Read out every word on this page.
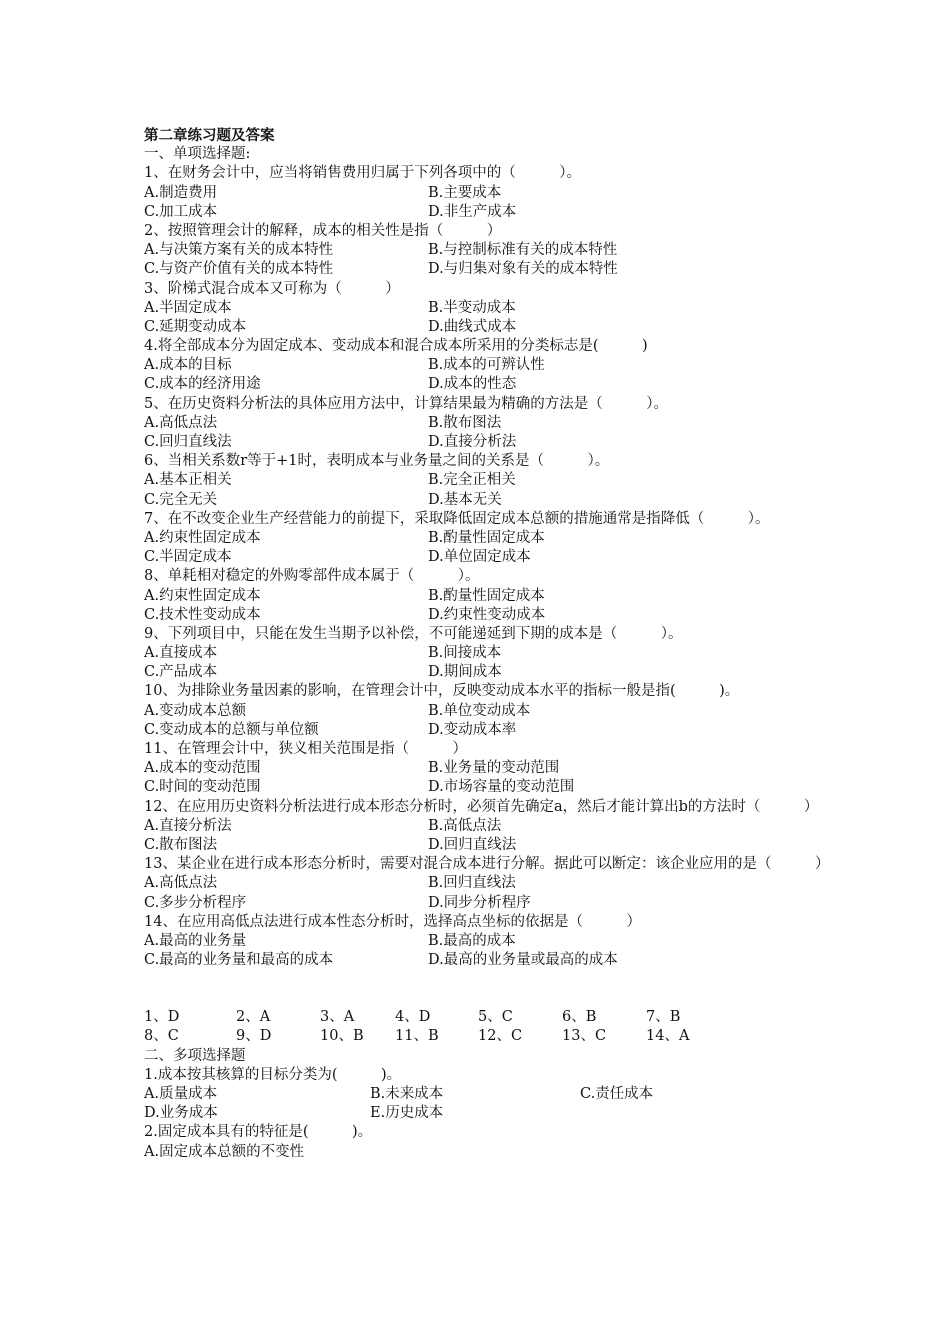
第二章练习题及答案
一、单项选择题:
1、在财务会计中，应当将销售费用归属于下列各项中的（　　　）。
A.制造费用	B.主要成本
C.加工成本	D.非生产成本
2、按照管理会计的解释，成本的相关性是指（　　　）
A.与决策方案有关的成本特性	B.与控制标准有关的成本特性
C.与资产价值有关的成本特性	D.与归集对象有关的成本特性
3、阶梯式混合成本又可称为（　　　）
A.半固定成本	B.半变动成本
C.延期变动成本	D.曲线式成本
4.将全部成本分为固定成本、变动成本和混合成本所采用的分类标志是(　　　)
A.成本的目标	B.成本的可辨认性
C.成本的经济用途	D.成本的性态
5、在历史资料分析法的具体应用方法中，计算结果最为精确的方法是（　　　）。
A.高低点法	B.散布图法
C.回归直线法	D.直接分析法
6、当相关系数r等于+1时，表明成本与业务量之间的关系是（　　　）。
A.基本正相关	B.完全正相关
C.完全无关	D.基本无关
7、在不改变企业生产经营能力的前提下，采取降低固定成本总额的措施通常是指降低（　　　）。
A.约束性固定成本	B.酌量性固定成本
C.半固定成本	D.单位固定成本
8、单耗相对稳定的外购零部件成本属于（　　　）。
A.约束性固定成本	B.酌量性固定成本
C.技术性变动成本	D.约束性变动成本
9、下列项目中，只能在发生当期予以补偿，不可能递延到下期的成本是（　　　）。
A.直接成本	B.间接成本
C.产品成本	D.期间成本
10、为排除业务量因素的影响，在管理会计中，反映变动成本水平的指标一般是指(　　　)。
A.变动成本总额	B.单位变动成本
C.变动成本的总额与单位额	D.变动成本率
11、在管理会计中，狭义相关范围是指（　　　）
A.成本的变动范围	B.业务量的变动范围
C.时间的变动范围	D.市场容量的变动范围
12、在应用历史资料分析法进行成本形态分析时，必须首先确定a，然后才能计算出b的方法时（　　　）
A.直接分析法	B.高低点法
C.散布图法	D.回归直线法
13、某企业在进行成本形态分析时，需要对混合成本进行分解。据此可以断定：该企业应用的是（　　　）
A.高低点法	B.回归直线法
C.多步分析程序	D.同步分析程序
14、在应用高低点法进行成本性态分析时，选择高点坐标的依据是（　　　）
A.最高的业务量	B.最高的成本
C.最高的业务量和最高的成本	D.最高的业务量或最高的成本
1、D	2、A	3、A	4、D	5、C	6、B	7、B
8、C	9、D	10、B	11、B	12、C	13、C	14、A
二、多项选择题
1.成本按其核算的目标分类为(　　　)。
A.质量成本	B.未来成本	C.责任成本
D.业务成本	E.历史成本
2.固定成本具有的特征是(　　　)。
A.固定成本总额的不变性
